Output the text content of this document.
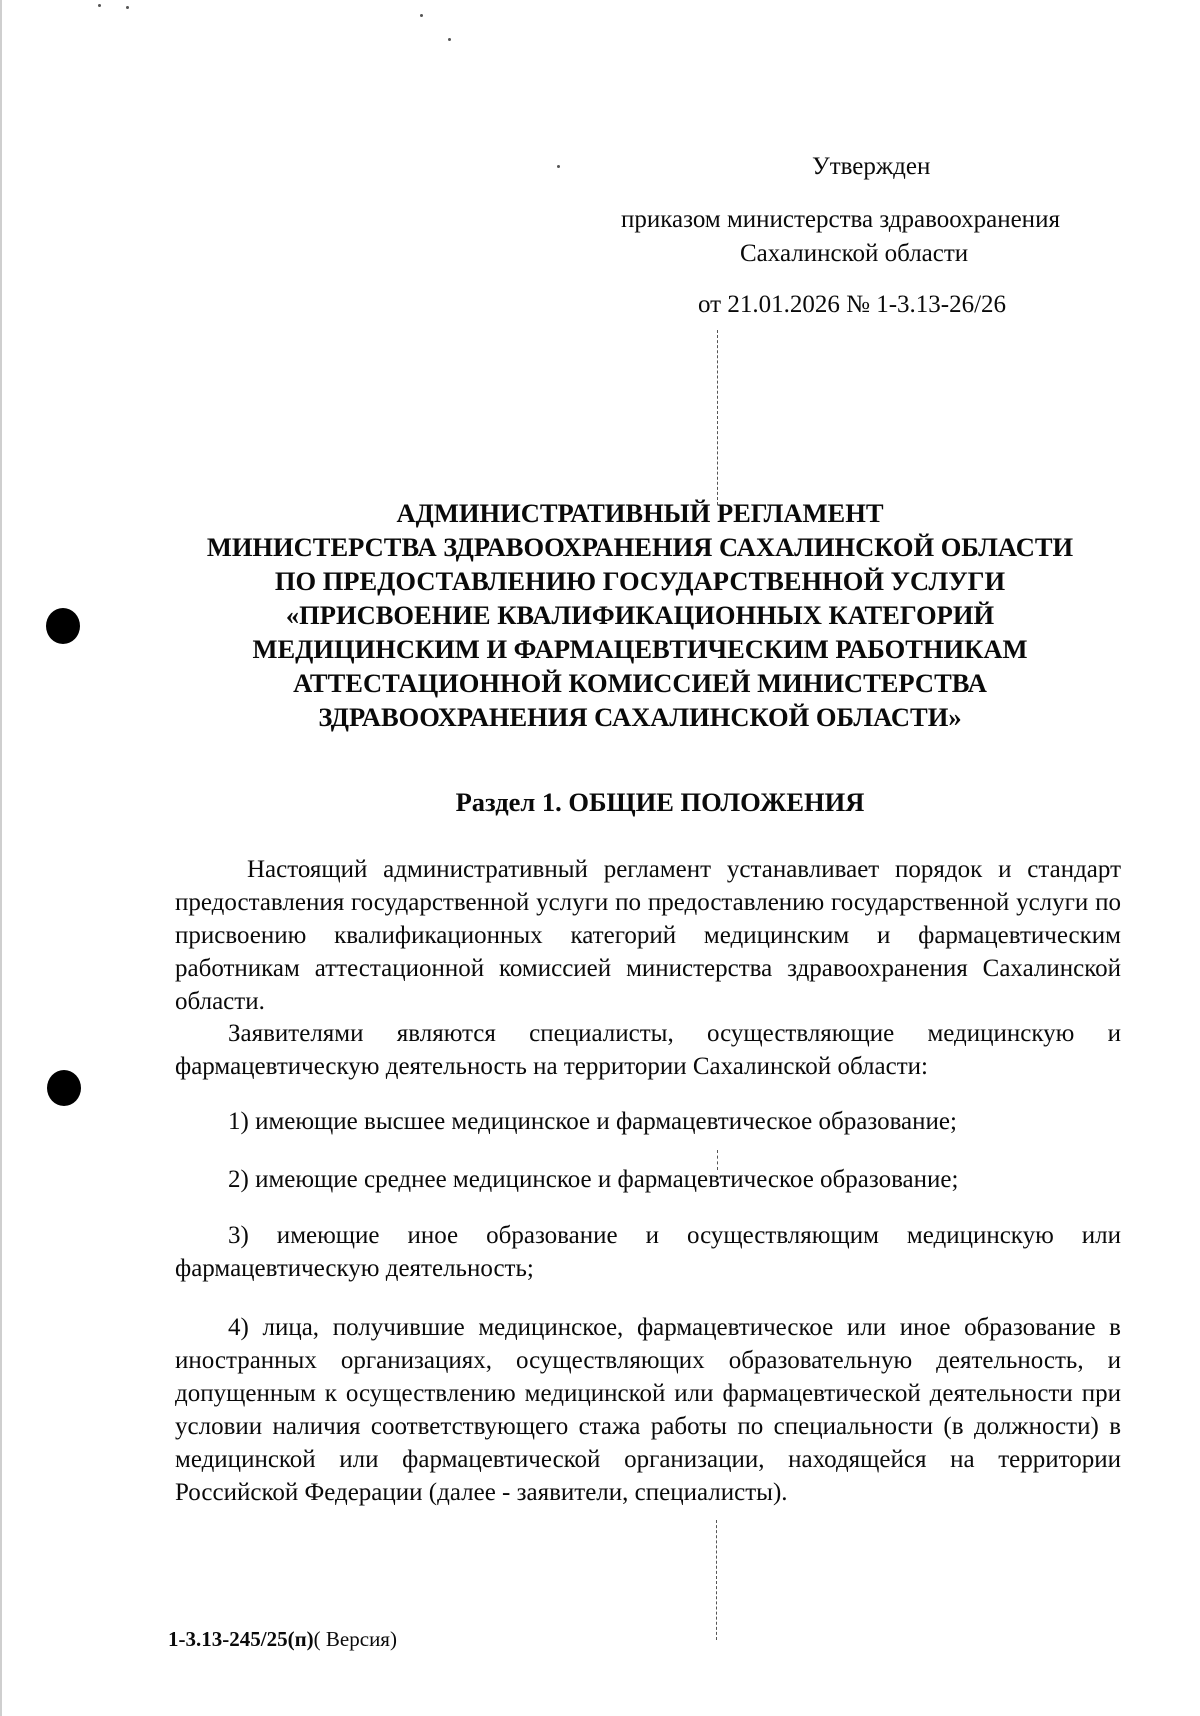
Утвержден
приказом министерства здравоохранения
Сахалинской области
от 21.01.2026 № 1-3.13-26/26
АДМИНИСТРАТИВНЫЙ РЕГЛАМЕНТ
МИНИСТЕРСТВА ЗДРАВООХРАНЕНИЯ САХАЛИНСКОЙ ОБЛАСТИ
ПО ПРЕДОСТАВЛЕНИЮ ГОСУДАРСТВЕННОЙ УСЛУГИ
«ПРИСВОЕНИЕ КВАЛИФИКАЦИОННЫХ КАТЕГОРИЙ
МЕДИЦИНСКИМ И ФАРМАЦЕВТИЧЕСКИМ РАБОТНИКАМ
АТТЕСТАЦИОННОЙ КОМИССИЕЙ МИНИСТЕРСТВА
ЗДРАВООХРАНЕНИЯ САХАЛИНСКОЙ ОБЛАСТИ»
Раздел 1. ОБЩИЕ ПОЛОЖЕНИЯ

Настоящий административный регламент устанавливает порядок и стандарт предоставления государственной услуги по предоставлению государственной услуги по присвоению квалификационных категорий медицинским и фармацевтическим работникам аттестационной комиссией министерства здравоохранения Сахалинской области.

Заявителями являются специалисты, осуществляющие медицинскую и фармацевтическую деятельность на территории Сахалинской области:

1) имеющие высшее медицинское и фармацевтическое образование;

2) имеющие среднее медицинское и фармацевтическое образование;

3) имеющие иное образование и осуществляющим медицинскую или фармацевтическую деятельность;

4) лица, получившие медицинское, фармацевтическое или иное образование в иностранных организациях, осуществляющих образовательную деятельность, и допущенным к осуществлению медицинской или фармацевтической деятельности при условии наличия соответствующего стажа работы по специальности (в должности) в медицинской или фармацевтической организации, находящейся на территории Российской Федерации (далее - заявители, специалисты).

1-3.13-245/25(п)( Версия)
